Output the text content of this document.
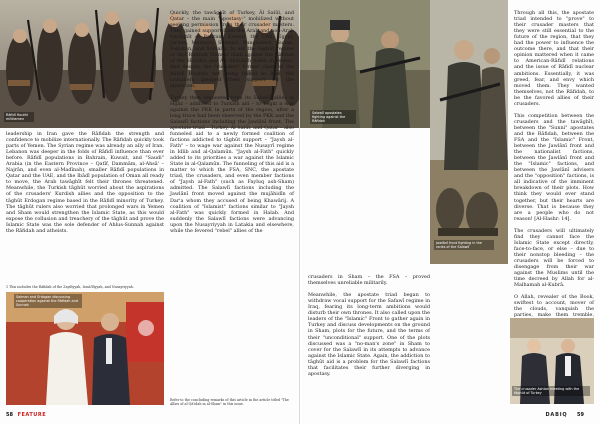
Rāfidī Houthi militiamen

leadership in Iran gave the Rāfidah the strength and confidence to mobilize internationally. The Rāfidah quickly took parts of Yemen. The Syrian regime was already an ally of Iran. Lebanon was deeper in the folds of Rāfidī influence than ever before. Rāfidī populations in Bahrain, Kuwait, and "Saudi" Arabia (in the Eastern Province – Qatīf, Dammām, al-Ahsā' – Najrān, and even al-Madīnah), smaller Rāfidī populations in Qatar and the UAE, and the Ibādī population of Oman all ready to move, the Arab tawāghīt felt their thrones threatened. Meanwhile, the Turkish tāghūt worried about the aspirations of the crusaders' Kurdish allies and the opposition to the tāghūt Erdogan regime based in the Rāfidī minority of Turkey. The tāghūt rulers also worried that prolonged wars in Yemen and Sham would strengthen the Islamic State, as this would expose the collusion and treachery of the tāghūt and prove the Islamic State was the sole defender of Ahlus-Sunnah against the Rāfidah and atheists.

1 This includes the Rāfidah of the Zaydīyyah, Ismā'īlīyyah, and Nusayriyyah.
Salman and Erdogan discussing cooperation against the Rāfidah and Sunnah

Quickly, the tawāghīt of Turkey, Āl Salūl, and Qatar – the main "apostasy-" mobilized without seeking permission from their crusader masters. They gained support from the Arab and non-Arab tawāghīt of Bahrain, Kuwait, the UAE, Egypt, Jordan, Morocco, Senegal, Bangladesh, Sudan, Pakistan, and Somalia, to aid the tāghūt regime of Abd Rabbuh Mansur Hadi against the Rāfidah of the Houthis and Ali Abdullah Saleh in Yemen. And despite the crusaders' former claim of the Rāfidī Houthis not being linked to Iran, the crusaders pledged their support for the operation.

Turkey then requested from its Salawlī allies in Hijāz – addicted to Turkish aid – to begin a war against the PKK in parts of the region, after a long truce had been observed by the PKK and the Salawlī factions including the Jawlānī front. The apostate triad – Turkey, Āl Salūl, and Qatar – also funneled aid to a newly formed coalition of factions addicted to tāghūt support – "Jaysh al-Fath" – to wage war against the Nusayrī regime in Idlib and al-Qalamūn. "Jaysh al-Fath" quickly added to its priorities a war against the Islamic State in al-Qalamūn. The funneling of this aid is a matter to which the FSA, SNC, the apostate triad, the crusaders, and even member factions of "Jaysh al-Fath" (such as Fayluq ash-Sham) admitted. The Salawlī factions including the Jawlānī front moved against the mujāhidīn of Dar'a whom they accused of being Khawārij. A coalition of "Islamist" factions similar to "Jaysh al-Fath" was quickly formed in Halab. And suddenly the Salawlī factions were advancing upon the Nusayriyyah in Latakia and elsewhere, while the fevered "rebel" allies of the

Refer to the concluding remarks of this article in the article titled "The Allies of al-Qā'idah in al-Sham" in this issue.
58 FEATURE
Salawlī apostates fighting against the Rāfidah
Jawlānī front fighting in the ranks of the Salawlī

Through all this, the apostate triad intended to "prove" to their crusader masters that they were still essential to the future of the region, that they had the power to influence the outcome there, and that their opinion mattered when it came to American-Rāfidī relations and the issue of Rāfidī nuclear ambitions. Essentially, it was greed, fear, and envy which moved them. They wanted themselves, not the Rāfidah, to be the favored allies of their crusaders.

This competition between the crusaders and the tawāghīt, between the "Sunni" apostates and the Rāfidah, between the FSA and the "Islamic" Front, between the Jawlānī front and the nationalist factions, between the Jawlānī front and the "Islamic" factions, and between the Jawlānī advisers and the "opposition" factions, is all indicative of the imminent breakdown of their plots. How think they would ever stand together, but their hearts are diverse. That is because they are a people who do not reason! [Al-Hashr: 14].

The crusaders will ultimately find they cannot face the Islamic State except directly, face-to-face, or else – due to their nonstop bleeding – the crusaders will be forced to disengage from their war against the Muslims until the time decreed by Allah for al-Malhamah al-Kubrā.

O Allah, revealer of the Book, swiftest to account, mover of the clouds, vanquish the parties, make them tremble,

crusaders in Sham – the FSA – proved themselves unreliable militarily.

Meanwhile, the apostate triad began to withdraw vocal support for the Safawī regime in Iraq, fearing its long-term ambitions would disturb their own thrones. It also called upon the leaders of the "Islamic" Front to gather again in Turkey and discuss developments on the ground in Sham, plots for the future, and the terms of their "unconditional" support. One of the plots discussed was a "no-man's zone" in Sham to cover for the Salawlī in its attempts to advance against the Islamic State. Again, the addiction to tāghūt aid is a problem for the Salawlī factions that facilitates their further diverging in apostasy.

The crusader Ashton meeting with the tāghūt of Turkey
DABIQ 59
